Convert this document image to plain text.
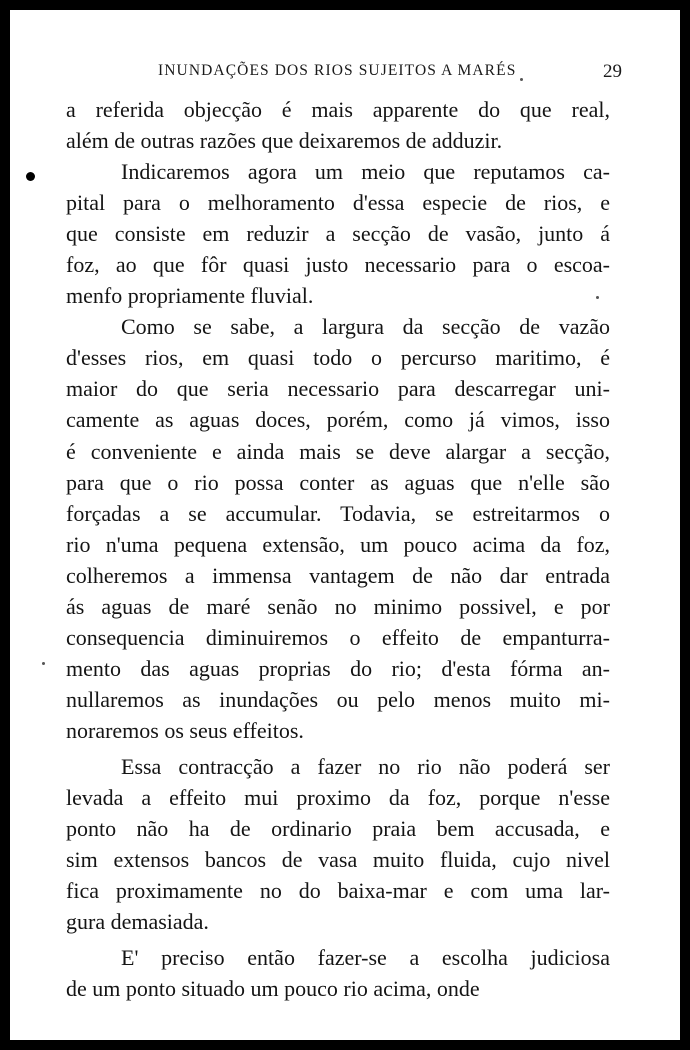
INUNDAÇÕES DOS RIOS SUJEITOS A MARÉS	29
a referida objecção é mais apparente do que real,
além de outras razões que deixaremos de adduzir.
Indicaremos agora um meio que reputamos ca-
pital para o melhoramento d'essa especie de rios, e
que consiste em reduzir a secção de vasão, junto á
foz, ao que fôr quasi justo necessario para o escoa-
menfo propriamente fluvial.
Como se sabe, a largura da secção de vazão
d'esses rios, em quasi todo o percurso maritimo, é
maior do que seria necessario para descarregar uni-
camente as aguas doces, porém, como já vimos, isso
é conveniente e ainda mais se deve alargar a secção,
para que o rio possa conter as aguas que n'elle são
forçadas a se accumular. Todavia, se estreitarmos o
rio n'uma pequena extensão, um pouco acima da foz,
colheremos a immensa vantagem de não dar entrada
ás aguas de maré senão no minimo possivel, e por
consequencia diminuiremos o effeito de empanturra-
mento das aguas proprias do rio; d'esta fórma an-
nullaremos as inundações ou pelo menos muito mi-
noraremos os seus effeitos.
Essa contracção a fazer no rio não poderá ser
levada a effeito mui proximo da foz, porque n'esse
ponto não ha de ordinario praia bem accusada, e
sim extensos bancos de vasa muito fluida, cujo nivel
fica proximamente no do baixa-mar e com uma lar-
gura demasiada.
E' preciso então fazer-se a escolha judiciosa
de um ponto situado um pouco rio acima, onde
